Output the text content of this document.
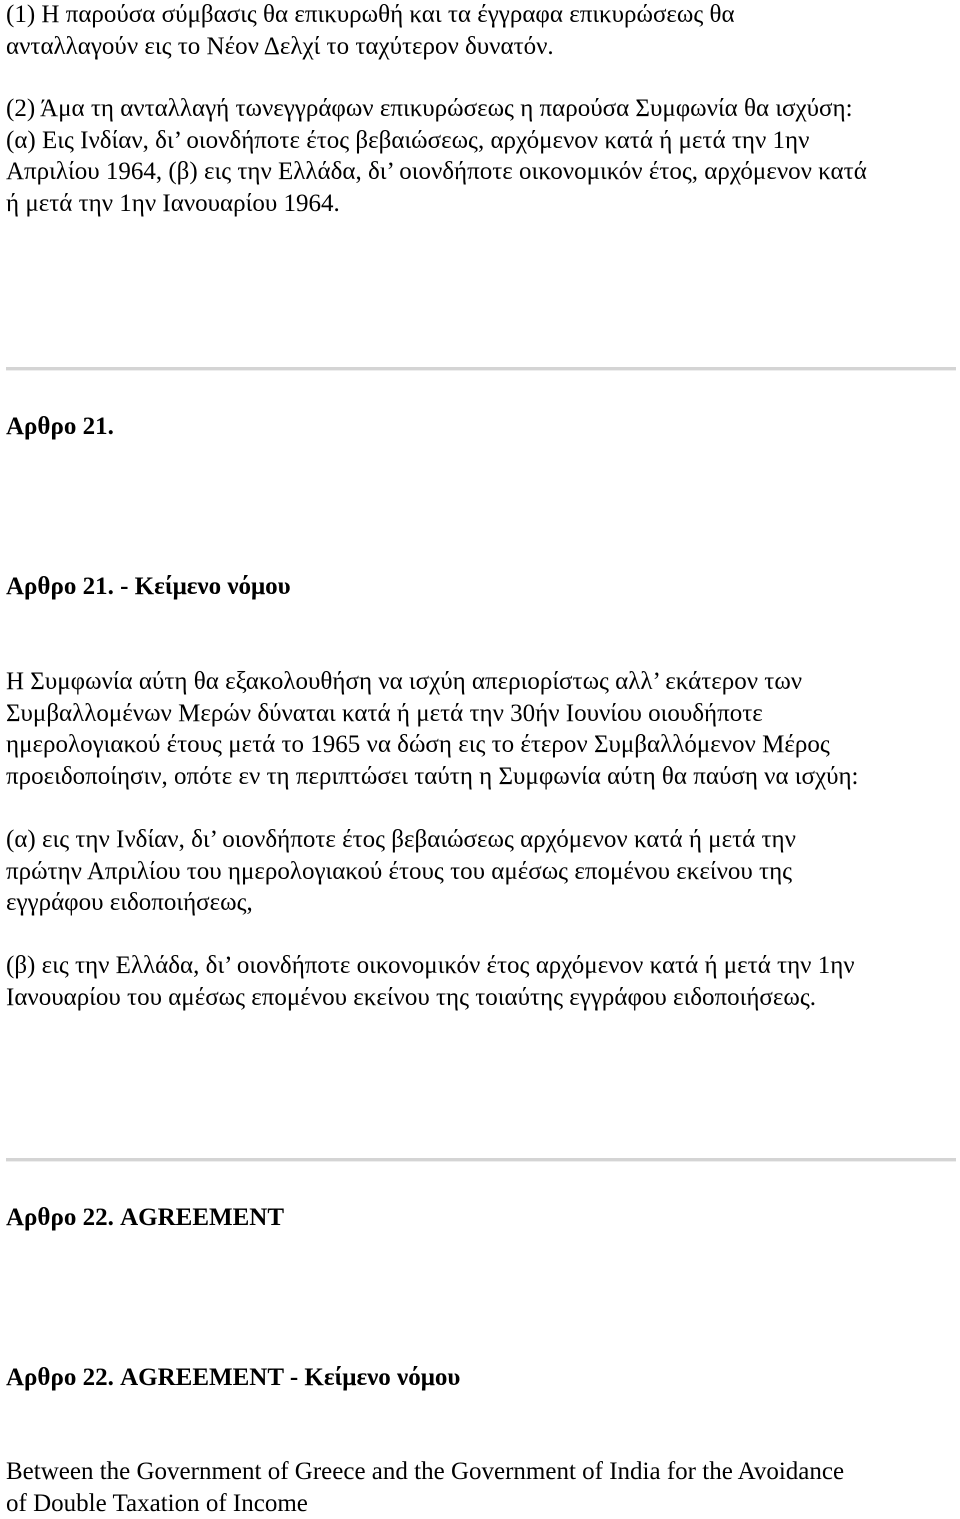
(1) Η παρούσα σύμβασις θα επικυρωθή και τα έγγραφα επικυρώσεως θα
ανταλλαγούν εις το Νέον Δελχί το ταχύτερον δυνατόν.

(2) Άμα τη ανταλλαγή τωνεγγράφων επικυρώσεως η παρούσα Συμφωνία θα ισχύση:
(α) Εις Ινδίαν, δι’ οιονδήποτε έτος βεβαιώσεως, αρχόμενον κατά ή μετά την 1ην
Απριλίου 1964, (β) εις την Ελλάδα, δι’ οιονδήποτε οικονομικόν έτος, αρχόμενον κατά
ή μετά την 1ην Ιανουαρίου 1964.

Αρθρο 21.
Αρθρο 21. - Κείμενο νόμου

Η Συμφωνία αύτη θα εξακολουθήση να ισχύη απεριορίστως αλλ’ εκάτερον των
Συμβαλλομένων Μερών δύναται κατά ή μετά την 30ήν Ιουνίου οιουδήποτε
ημερολογιακού έτους μετά το 1965 να δώση εις το έτερον Συμβαλλόμενον Μέρος
προειδοποίησιν, οπότε εν τη περιπτώσει ταύτη η Συμφωνία αύτη θα παύση να ισχύη:

(α) εις την Ινδίαν, δι’ οιονδήποτε έτος βεβαιώσεως αρχόμενον κατά ή μετά την
πρώτην Απριλίου του ημερολογιακού έτους του αμέσως επομένου εκείνου της
εγγράφου ειδοποιήσεως,

(β) εις την Ελλάδα, δι’ οιονδήποτε οικονομικόν έτος αρχόμενον κατά ή μετά την 1ην
Ιανουαρίου του αμέσως επομένου εκείνου της τοιαύτης εγγράφου ειδοποιήσεως.

Αρθρο 22. AGREEMENT
Αρθρο 22. AGREEMENT - Κείμενο νόμου

Between the Government of Greece and the Government of India for the Avoidance
of Double Taxation of Income
